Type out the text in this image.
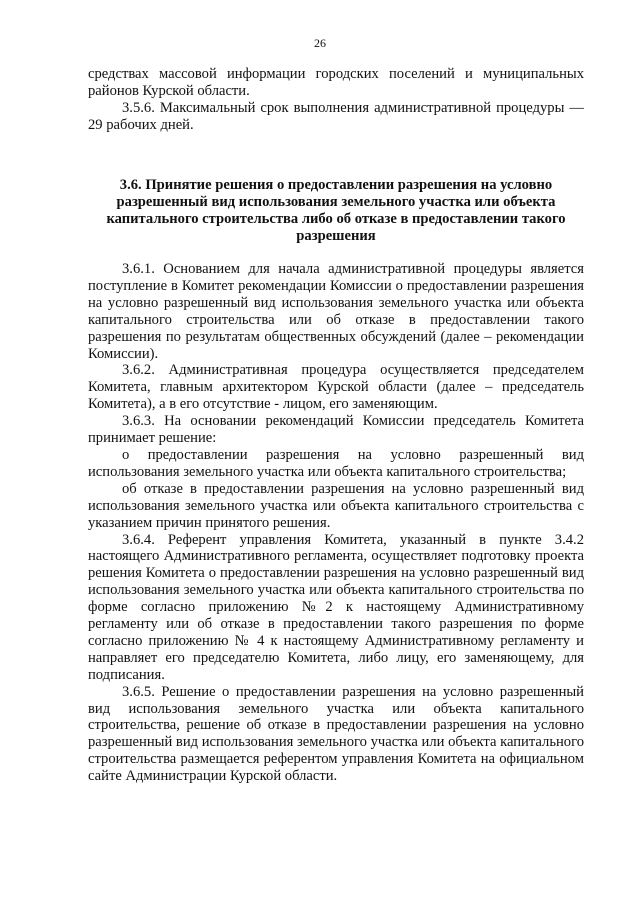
26

средствах массовой информации городских поселений и муниципальных районов Курской области.

3.5.6. Максимальный срок выполнения административной процедуры — 29 рабочих дней.

3.6. Принятие решения о предоставлении разрешения на условно разрешенный вид использования земельного участка или объекта капитального строительства либо об отказе в предоставлении такого разрешения

3.6.1. Основанием для начала административной процедуры является поступление в Комитет рекомендации Комиссии о предоставлении разрешения на условно разрешенный вид использования земельного участка или объекта капитального строительства или об отказе в предоставлении такого разрешения по результатам общественных обсуждений (далее – рекомендации Комиссии).

3.6.2. Административная процедура осуществляется председателем Комитета, главным архитектором Курской области (далее – председатель Комитета), а в его отсутствие - лицом, его заменяющим.

3.6.3. На основании рекомендаций Комиссии председатель Комитета принимает решение:

о предоставлении разрешения на условно разрешенный вид использования земельного участка или объекта капитального строительства;

об отказе в предоставлении разрешения на условно разрешенный вид использования земельного участка или объекта капитального строительства с указанием причин принятого решения.

3.6.4. Референт управления Комитета, указанный в пункте 3.4.2 настоящего Административного регламента, осуществляет подготовку проекта решения Комитета о предоставлении разрешения на условно разрешенный вид использования земельного участка или объекта капитального строительства по форме согласно приложению №2 к настоящему Административному регламенту или об отказе в предоставлении такого разрешения по форме согласно приложению № 4 к настоящему Административному регламенту и направляет его председателю Комитета, либо лицу, его заменяющему, для подписания.

3.6.5. Решение о предоставлении разрешения на условно разрешенный вид использования земельного участка или объекта капитального строительства, решение об отказе в предоставлении разрешения на условно разрешенный вид использования земельного участка или объекта капитального строительства размещается референтом управления Комитета на официальном сайте Администрации Курской области.
